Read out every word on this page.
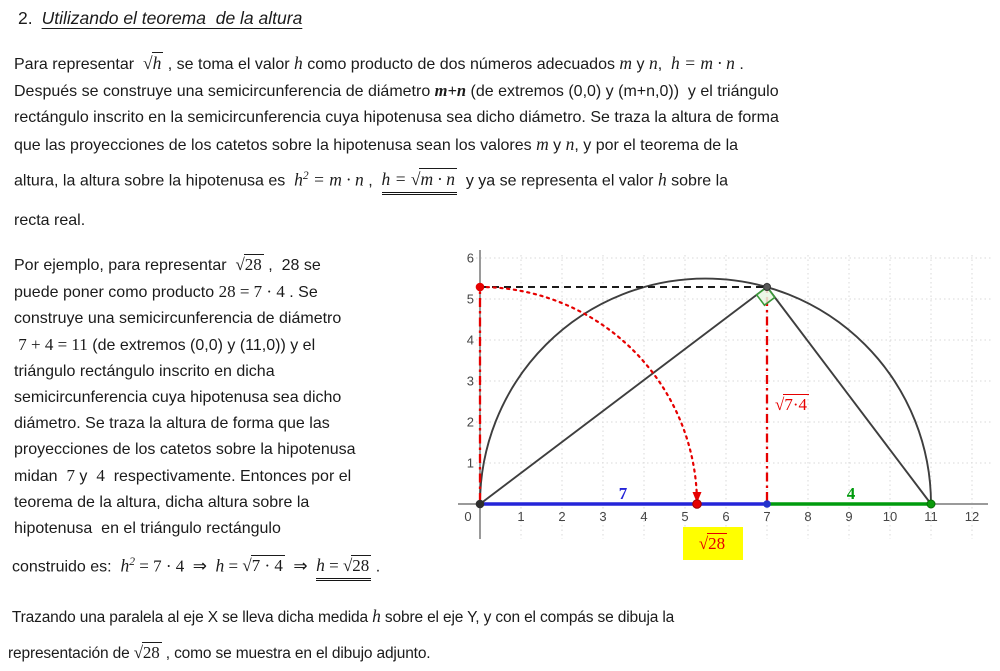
2. Utilizando el teorema  de la altura
Para representar  √h , se toma el valor h como producto de dos números adecuados m y n,  h = m · n .
Después se construye una semicircunferencia de diámetro m+n (de extremos (0,0) y (m+n,0))  y el triángulo
rectángulo inscrito en la semicircunferencia cuya hipotenusa sea dicho diámetro. Se traza la altura de forma
que las proyecciones de los catetos sobre la hipotenusa sean los valores m y n, y por el teorema de la
altura, la altura sobre la hipotenusa es  $h^2 = m \cdot n$ ,  h = √m · n  y ya se representa el valor h sobre la
recta real.
Por ejemplo, para representar  √28 ,  28 se
puede poner como producto 28 = 7 · 4 . Se
construye una semicircunferencia de diámetro
7 + 4 = 11 (de extremos (0,0) y (11,0)) y el
triángulo rectángulo inscrito en dicha
semicircunferencia cuya hipotenusa sea dicho
diámetro. Se traza la altura de forma que las
proyecciones de los catetos sobre la hipotenusa
midan  7 y  4  respectivamente. Entonces por el
teorema de la altura, dicha altura sobre la
hipotenusa  en el triángulo rectángulo
0	1	2	3	4	5	6	7	8	9 10 11 12
1
2
3
4
5
6
7	4
√7·4
√28
construido es:  $h^2 = 7 \cdot 4$  ⇒  h = √7 · 4  ⇒  h = √28 .
Trazando una paralela al eje X se lleva dicha medida h sobre el eje Y, y con el compás se dibuja la
representación de √28 , como se muestra en el dibujo adjunto.
